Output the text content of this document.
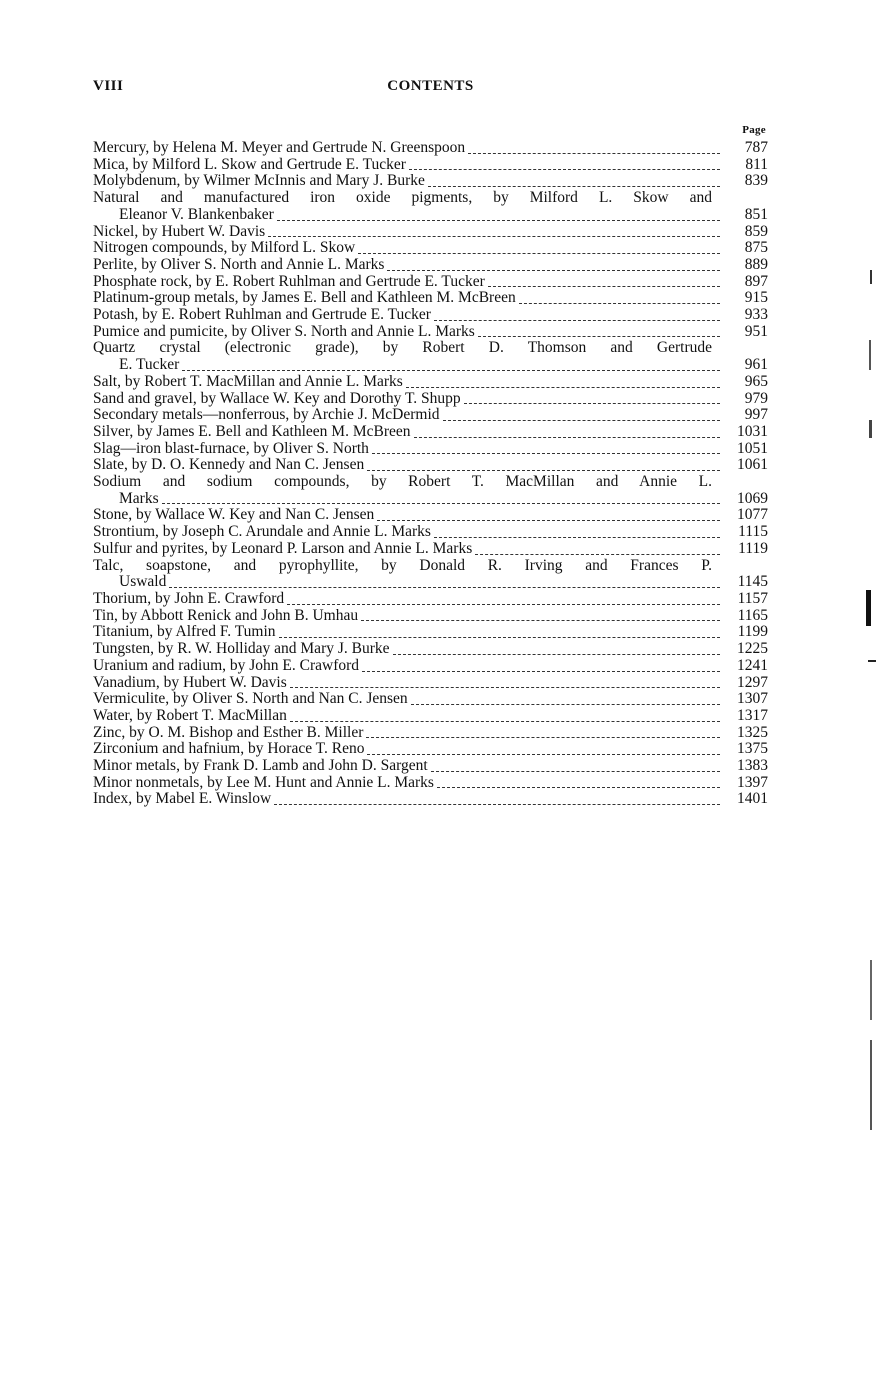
VIII	CONTENTS
Page
Mercury, by Helena M. Meyer and Gertrude N. Greenspoon	787
Mica, by Milford L. Skow and Gertrude E. Tucker	811
Molybdenum, by Wilmer McInnis and Mary J. Burke	839
Natural and manufactured iron oxide pigments, by Milford L. Skow and
Eleanor V. Blankenbaker	851
Nickel, by Hubert W. Davis	859
Nitrogen compounds, by Milford L. Skow	875
Perlite, by Oliver S. North and Annie L. Marks	889
Phosphate rock, by E. Robert Ruhlman and Gertrude E. Tucker	897
Platinum-group metals, by James E. Bell and Kathleen M. McBreen	915
Potash, by E. Robert Ruhlman and Gertrude E. Tucker	933
Pumice and pumicite, by Oliver S. North and Annie L. Marks	951
Quartz crystal (electronic grade), by Robert D. Thomson and Gertrude
E. Tucker	961
Salt, by Robert T. MacMillan and Annie L. Marks	965
Sand and gravel, by Wallace W. Key and Dorothy T. Shupp	979
Secondary metals—nonferrous, by Archie J. McDermid	997
Silver, by James E. Bell and Kathleen M. McBreen	1031
Slag—iron blast-furnace, by Oliver S. North	1051
Slate, by D. O. Kennedy and Nan C. Jensen	1061
Sodium and sodium compounds, by Robert T. MacMillan and Annie L.
Marks	1069
Stone, by Wallace W. Key and Nan C. Jensen	1077
Strontium, by Joseph C. Arundale and Annie L. Marks	1115
Sulfur and pyrites, by Leonard P. Larson and Annie L. Marks	1119
Talc, soapstone, and pyrophyllite, by Donald R. Irving and Frances P.
Uswald	1145
Thorium, by John E. Crawford	1157
Tin, by Abbott Renick and John B. Umhau	1165
Titanium, by Alfred F. Tumin	1199
Tungsten, by R. W. Holliday and Mary J. Burke	1225
Uranium and radium, by John E. Crawford	1241
Vanadium, by Hubert W. Davis	1297
Vermiculite, by Oliver S. North and Nan C. Jensen	1307
Water, by Robert T. MacMillan	1317
Zinc, by O. M. Bishop and Esther B. Miller	1325
Zirconium and hafnium, by Horace T. Reno	1375
Minor metals, by Frank D. Lamb and John D. Sargent	1383
Minor nonmetals, by Lee M. Hunt and Annie L. Marks	1397
Index, by Mabel E. Winslow	1401
